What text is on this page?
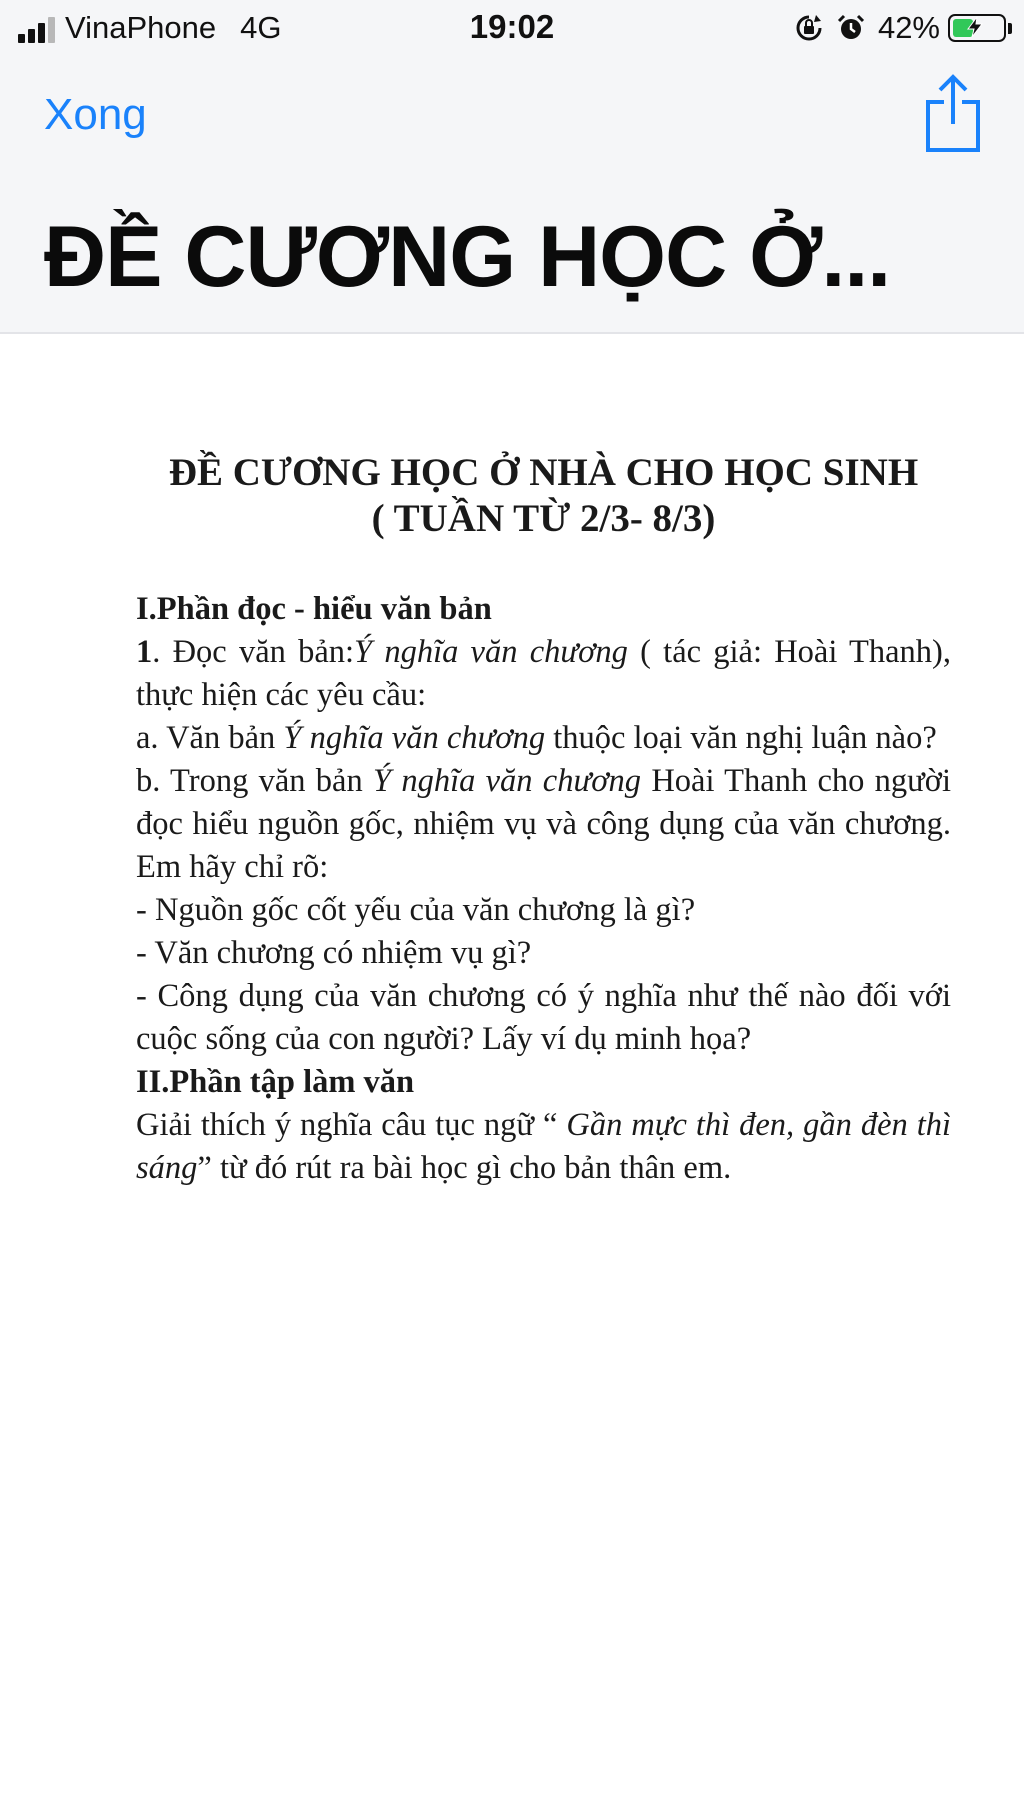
VinaPhone 4G	19:02	42%
Xong
ĐỀ CƯƠNG HỌC Ở...
ĐỀ CƯƠNG HỌC Ở NHÀ CHO HỌC SINH
( TUẦN TỪ 2/3- 8/3)

I.Phần đọc - hiểu văn bản

1. Đọc văn bản:Ý nghĩa văn chương ( tác giả: Hoài Thanh), thực hiện các yêu cầu:

a. Văn bản Ý nghĩa văn chương thuộc loại văn nghị luận nào?

b. Trong văn bản Ý nghĩa văn chương Hoài Thanh cho người đọc hiểu nguồn gốc, nhiệm vụ và công dụng của văn chương. Em hãy chỉ rõ:

- Nguồn gốc cốt yếu của văn chương là gì?

- Văn chương có nhiệm vụ gì?

- Công dụng của văn chương có ý nghĩa như thế nào đối với cuộc sống của con người? Lấy ví dụ minh họa?

II.Phần tập làm văn

Giải thích ý nghĩa câu tục ngữ “ Gần mực thì đen, gần đèn thì sáng” từ đó rút ra bài học gì cho bản thân em.
